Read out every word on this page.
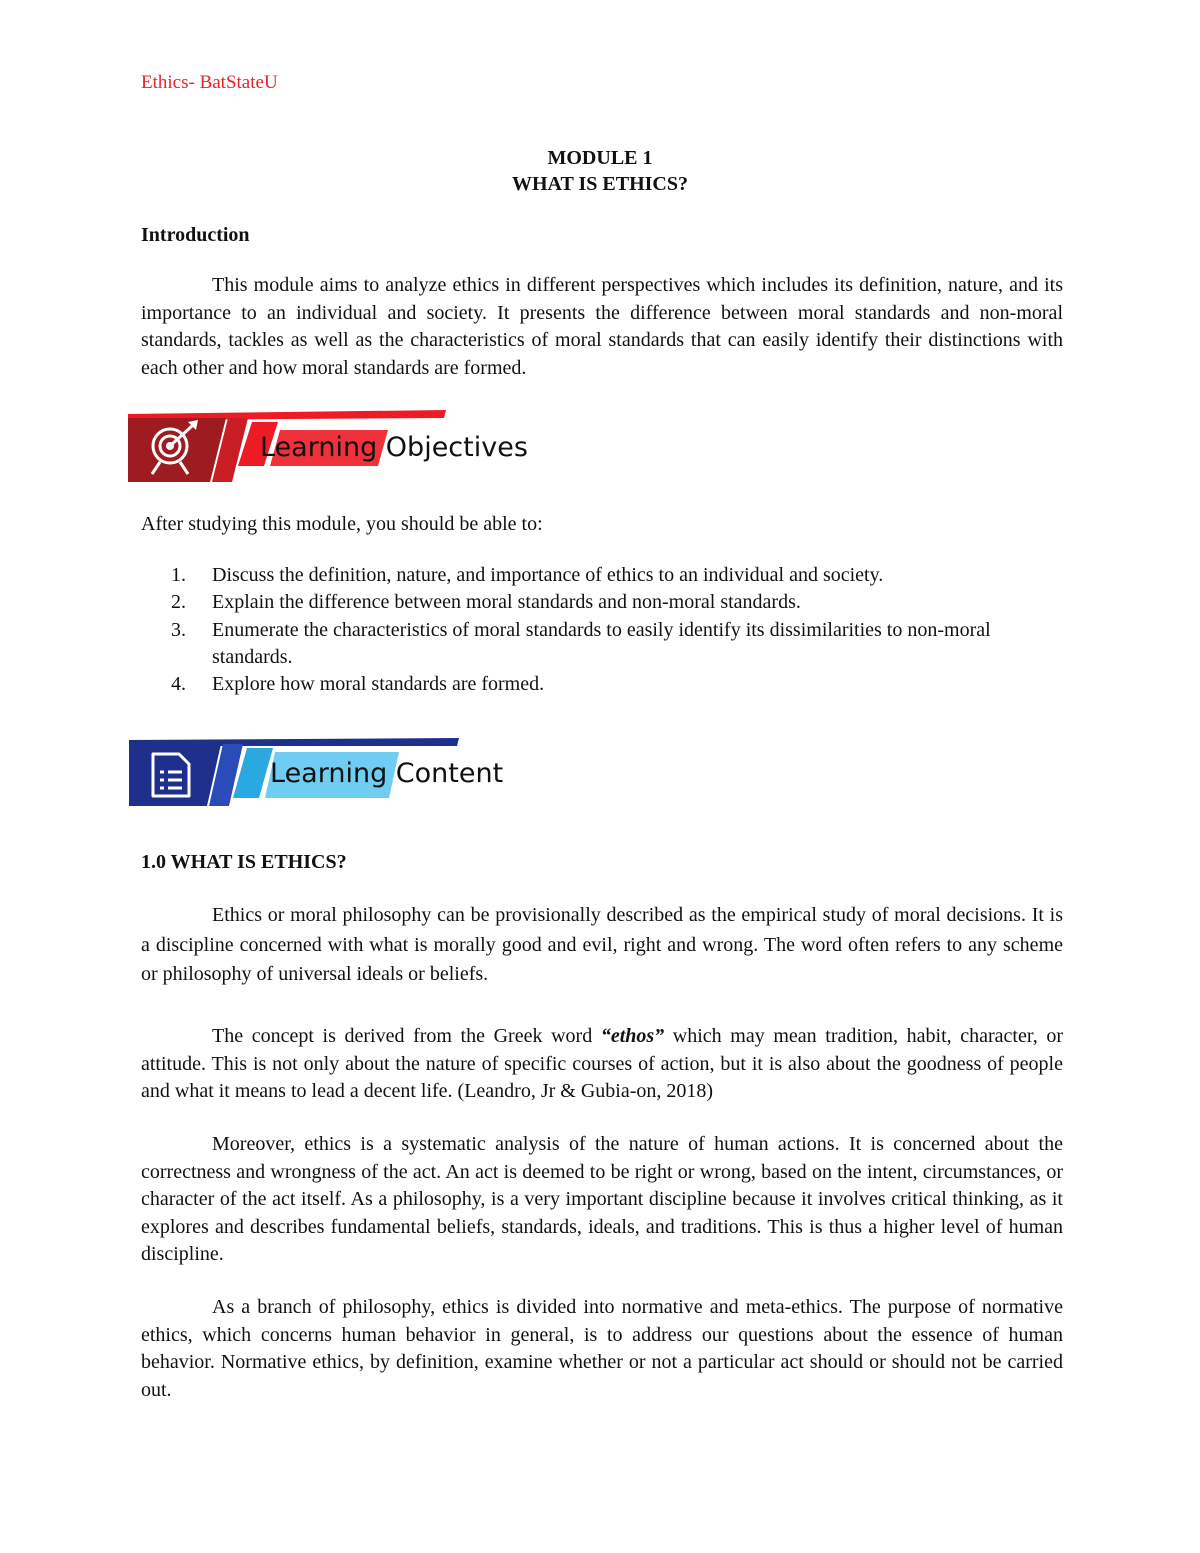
Ethics- BatStateU
MODULE 1
WHAT IS ETHICS?
Introduction

This module aims to analyze ethics in different perspectives which includes its definition, nature, and its importance to an individual and society. It presents the difference between moral standards and non-moral standards, tackles as well as the characteristics of moral standards that can easily identify their distinctions with each other and how moral standards are formed.

Learning Objectives
After studying this module, you should be able to:
1. Discuss the definition, nature, and importance of ethics to an individual and society.
2. Explain the difference between moral standards and non-moral standards.
3. Enumerate the characteristics of moral standards to easily identify its dissimilarities to non-moral standards.
4. Explore how moral standards are formed.
Learning Content
1.0 WHAT IS ETHICS?

Ethics or moral philosophy can be provisionally described as the empirical study of moral decisions. It is a discipline concerned with what is morally good and evil, right and wrong. The word often refers to any scheme or philosophy of universal ideals or beliefs.

The concept is derived from the Greek word “ethos” which may mean tradition, habit, character, or attitude. This is not only about the nature of specific courses of action, but it is also about the goodness of people and what it means to lead a decent life. (Leandro, Jr & Gubia-on, 2018)

Moreover, ethics is a systematic analysis of the nature of human actions. It is concerned about the correctness and wrongness of the act. An act is deemed to be right or wrong, based on the intent, circumstances, or character of the act itself. As a philosophy, is a very important discipline because it involves critical thinking, as it explores and describes fundamental beliefs, standards, ideals, and traditions. This is thus a higher level of human discipline.

As a branch of philosophy, ethics is divided into normative and meta-ethics. The purpose of normative ethics, which concerns human behavior in general, is to address our questions about the essence of human behavior. Normative ethics, by definition, examine whether or not a particular act should or should not be carried out.
